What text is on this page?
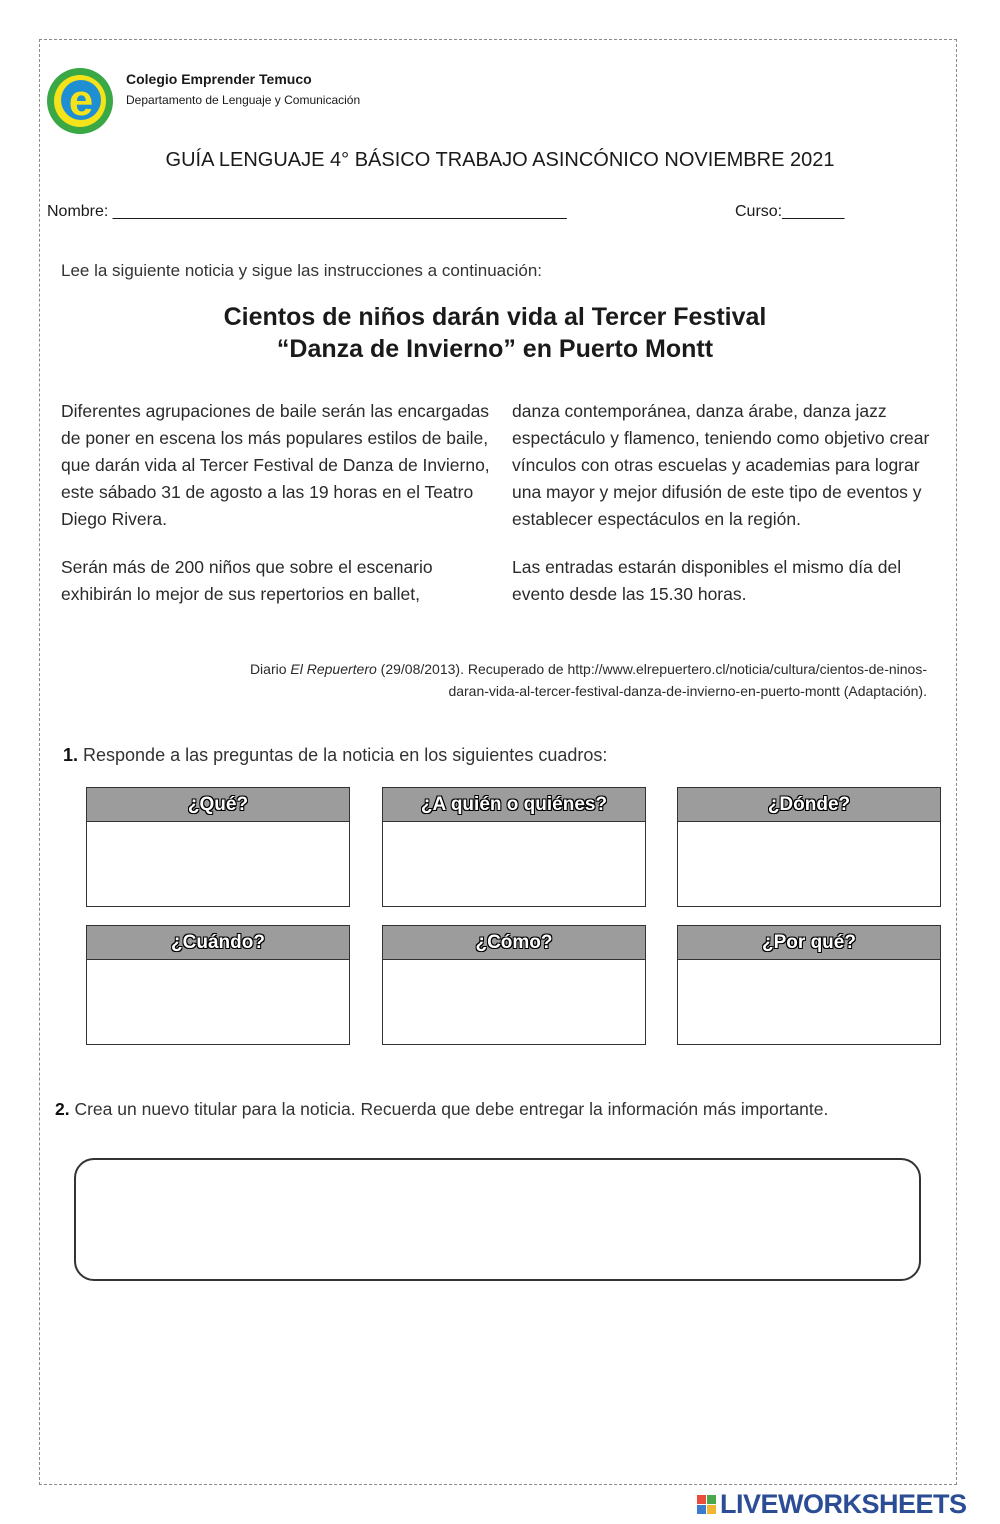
e Colegio Emprender Temuco
Departamento de Lenguaje y Comunicación
GUÍA LENGUAJE 4° BÁSICO TRABAJO ASINCÓNICO NOVIEMBRE 2021
Nombre: ___________________________________________________	Curso:_______
Lee la siguiente noticia y sigue las instrucciones a continuación:
Cientos de niños darán vida al Tercer Festival
“Danza de Invierno” en Puerto Montt

Diferentes agrupaciones de baile serán las encargadas de poner en escena los más populares estilos de baile, que darán vida al Tercer Festival de Danza de Invierno, este sábado 31 de agosto a las 19 horas en el Teatro Diego Rivera.

Serán más de 200 niños que sobre el escenario exhibirán lo mejor de sus repertorios en ballet,

danza contemporánea, danza árabe, danza jazz espectáculo y flamenco, teniendo como objetivo crear vínculos con otras escuelas y academias para lograr una mayor y mejor difusión de este tipo de eventos y establecer espectáculos en la región.

Las entradas estarán disponibles el mismo día del evento desde las 15.30 horas.

Diario El Repuertero (29/08/2013). Recuperado de http://www.elrepuertero.cl/noticia/cultura/cientos-de-ninos-
daran-vida-al-tercer-festival-danza-de-invierno-en-puerto-montt (Adaptación).
1. Responde a las preguntas de la noticia en los siguientes cuadros:
¿Qué?	¿A quién o quiénes?	¿Dónde?
¿Cuándo?	¿Cómo?	¿Por qué?
2. Crea un nuevo titular para la noticia. Recuerda que debe entregar la información más importante.
LIVEWORKSHEETS
